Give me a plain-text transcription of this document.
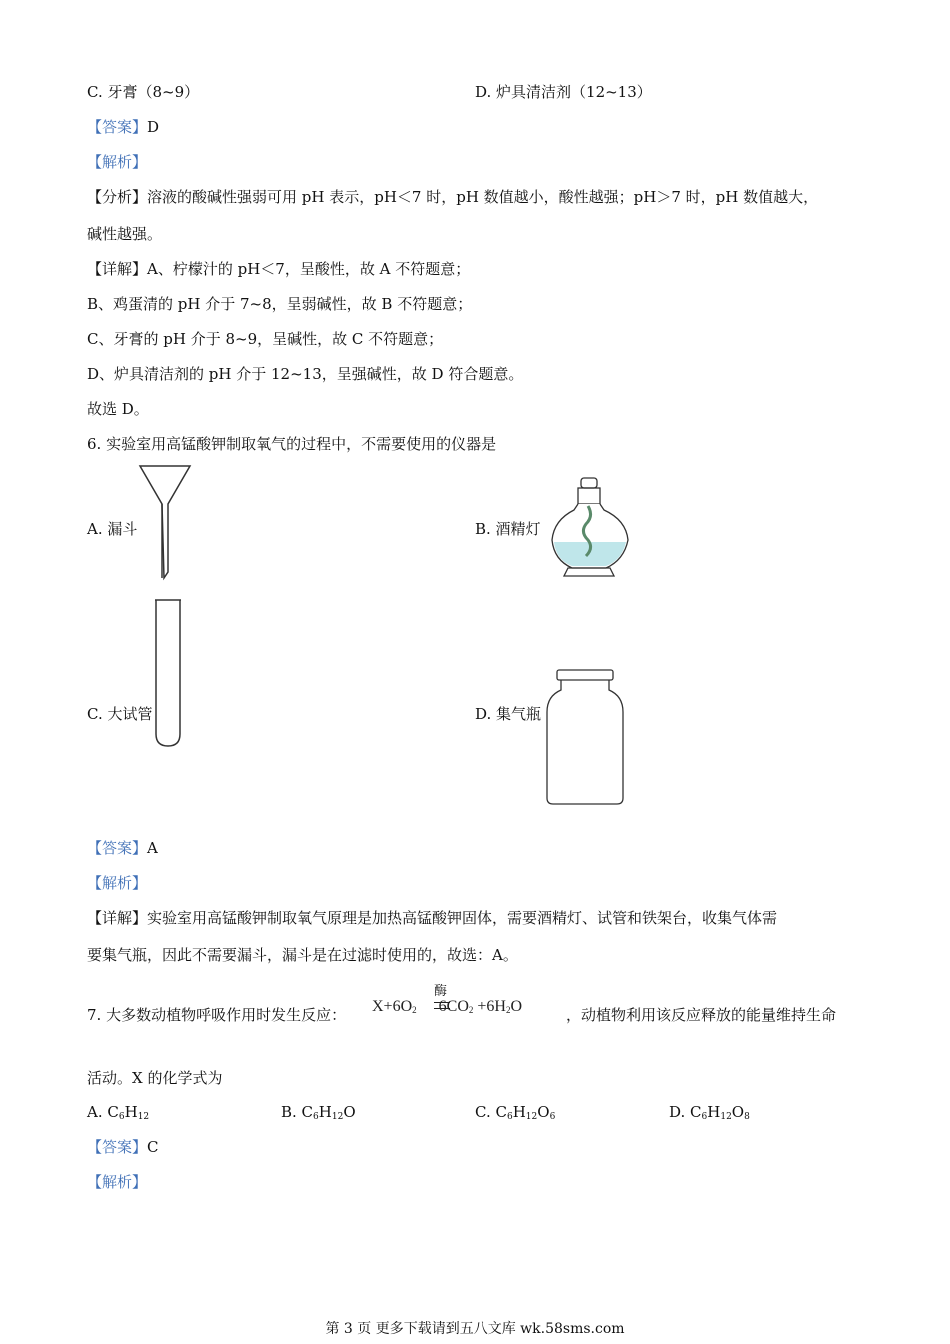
C. 牙膏（8~9）	D. 炉具清洁剂（12~13）
【答案】D
【解析】
【分析】溶液的酸碱性强弱可用 pH 表示，pH＜7 时，pH 数值越小，酸性越强；pH＞7 时，pH 数值越大，
碱性越强。
【详解】A、柠檬汁的 pH＜7，呈酸性，故 A 不符题意；
B、鸡蛋清的 pH 介于 7~8，呈弱碱性，故 B 不符题意；
C、牙膏的 pH 介于 8~9，呈碱性，故 C 不符题意；
D、炉具清洁剂的 pH 介于 12~13，呈强碱性，故 D 符合题意。
故选 D。
6. 实验室用高锰酸钾制取氧气的过程中，不需要使用的仪器是
A. 漏斗	B. 酒精灯
C. 大试管	D. 集气瓶
【答案】A
【解析】
【详解】实验室用高锰酸钾制取氧气原理是加热高锰酸钾固体，需要酒精灯、试管和铁架台，收集气体需
要集气瓶，因此不需要漏斗，漏斗是在过滤时使用的，故选：A。
7. 大多数动植物呼吸作用时发生反应：
酶
$X+6O_2$ $6CO_2 +6H_2O$	，动植物利用该反应释放的能量维持生命
活动。X 的化学式为
A. $C_6H_{12}$	B. $C_6H_{12}O$	C. $C_6H_{12}O_6$	D. $C_6H_{12}O_8$
【答案】C
【解析】
第 3 页 更多下载请到五八文库 wk.58sms.com
